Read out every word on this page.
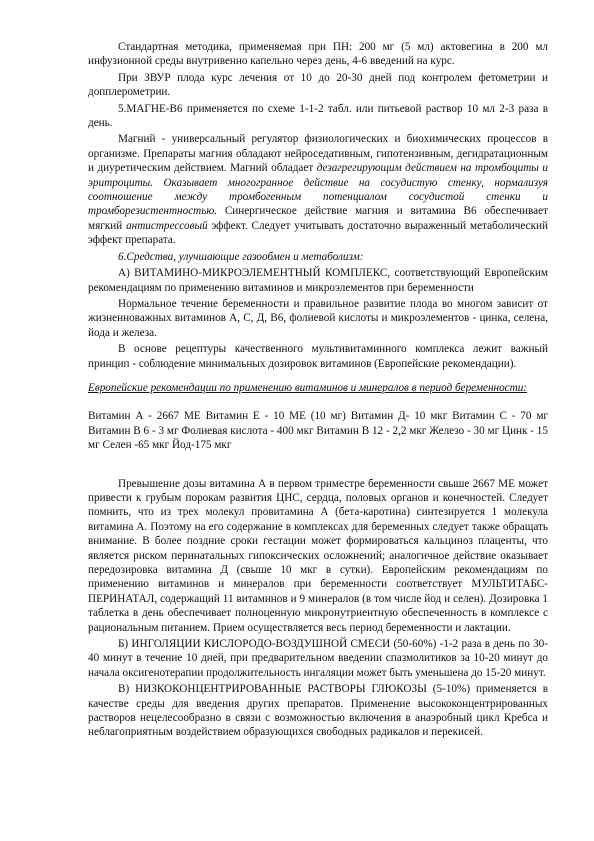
Стандартная методика, применяемая при ПН: 200 мг (5 мл) актовегина в 200 мл инфузионной среды внутривенно капельно через день, 4-6 введений на курс.

При ЗВУР плода курс лечения от 10 до 20-30 дней под контролем фетометрии и допплерометрии.

5.МАГНЕ-В6 применяется по схеме 1-1-2 табл. или питьевой раствор 10 мл 2-3 раза в день.

Магний - универсальный регулятор физиологических и биохимических процессов в организме. Препараты магния обладают нейроседативным, гипотензивным, дегидратационным и диуретическим действием. Магний обладает дезагрегирующим действием на тромбоциты и эритроциты. Оказывает многогранное действие на сосудистую стенку, нормализуя соотношение между тромбогенным потенциалом сосудистой стенки и тромборезистентностью. Синергическое действие магния и витамина В6 обеспечивает мягкий антистрессовый эффект. Следует учитывать достаточно выраженный метаболический эффект препарата.

6.Средства, улучшающие газообмен и метаболизм:

А) ВИТАМИНО-МИКРОЭЛЕМЕНТНЫЙ КОМПЛЕКС, соответствующий Европейским рекомендациям по применению витаминов и микроэлементов при беременности

Нормальное течение беременности и правильное развитие плода во многом зависит от жизненноважных витаминов А, С, Д, В6, фолиевой кислоты и микроэлементов - цинка, селена, йода и железа.

В основе рецептуры качественного мультивитаминного комплекса лежит важный принцип - соблюдение минимальных дозировок витаминов (Европейские рекомендации).

Европейские рекомендации по применению витаминов и минералов в период беременности:

Витамин А - 2667 МЕ Витамин Е - 10 МЕ (10 мг) Витамин Д- 10 мкг Витамин С - 70 мг Витамин В 6 - 3 мг Фолиевая кислота - 400 мкг Витамин В 12 - 2,2 мкг Железо - 30 мг Цинк - 15 мг Селен -65 мкг Йод-175 мкг

Превышение дозы витамина А в первом триместре беременности свыше 2667 МЕ может привести к грубым порокам развития ЦНС, сердца, половых органов и конечностей. Следует помнить, что из трех молекул провитамина А (бета-каротина) синтезируется 1 молекула витамина А. Поэтому на его содержание в комплексах для беременных следует также обращать внимание. В более поздние сроки гестации может формироваться кальциноз плаценты, что является риском перинатальных гипоксических осложнений; аналогичное действие оказывает передозировка витамина Д (свыше 10 мкг в сутки). Европейским рекомендациям по применению витаминов и минералов при беременности соответствует МУЛЬТИТАБС-ПЕРИНАТАЛ, содержащий 11 витаминов и 9 минералов (в том числе йод и селен). Дозировка 1 таблетка в день обеспечивает полноценную микронутриентную обеспеченность в комплексе с рациональным питанием. Прием осуществляется весь период беременности и лактации.

Б) ИНГОЛЯЦИИ КИСЛОРОДО-ВОЗДУШНОЙ СМЕСИ (50-60%) -1-2 раза в день по 30-40 минут в течение 10 дней, при предварительном введении спазмолитиков за 10-20 минут до начала оксигенотерапии продолжительность ингаляции может быть уменьшена до 15-20 минут.

В) НИЗКОКОНЦЕНТРИРОВАННЫЕ РАСТВОРЫ ГЛЮКОЗЫ (5-10%) применяется в качестве среды для введения других препаратов. Применение высококонцентрированных растворов нецелесообразно в связи с возможностью включения в анаэробный цикл Кребса и неблагоприятным воздействием образующихся свободных радикалов и перекисей.
